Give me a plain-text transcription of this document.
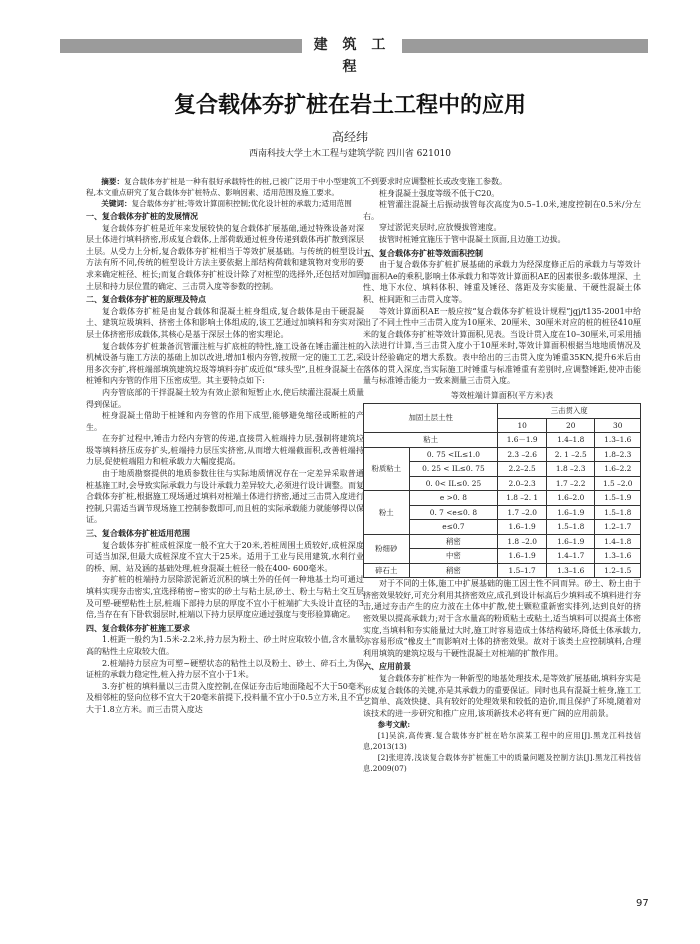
建 筑 工 程
复合载体夯扩桩在岩土工程中的应用
高经纬
西南科技大学土木工程与建筑学院 四川省 621010

摘要：复合载体夯扩桩是一种有很好承载特性的桩,已被广泛用于中小型建筑工程,本文重点研究了复合载体夯扩桩特点、影响因素、适用范围及施工要求。

关键词：复合载体夯扩桩;等效计算面积控制;优化设计桩的承载力;适用范围

一、复合载体夯扩桩的发展情况

复合载体夯扩桩是近年来发展较快的复合载体扩展基础,通过特殊设备对深层土体进行填料挤密,形成复合载体,上部荷载通过桩身传递到载体再扩散到深层土层。从受力上分析,复合载体夯扩桩相当于等效扩展基础。与传统的桩型设计方法有所不同,传统的桩型设计方法主要依据上部结构荷载和建筑物对变形的要求来确定桩径、桩长;而复合载体夯扩桩设计除了对桩型的选择外,还包括对加固土层和持力层位置的确定、三击贯入度等参数的控制。

二、复合载体夯扩桩的原理及特点

复合载体夯扩桩是由复合载体和混凝土桩身组成,复合载体是由干硬混凝土、建筑垃圾填料、挤密土体和影响土体组成的,该工艺通过加填料和夯实对深层土体挤密形成载体,其核心是基于深层土体的密实理论。

复合载体夯扩桩兼备沉管灌注桩与扩底桩的特性,施工设备在锤击灌注桩的机械设备与施工方法的基础上加以改进,增加1根内夯管,按照一定的施工工艺,采用多次夯扩,将桩端部填筑建筑垃圾等填料夯扩成近似“球头型”,且桩身混凝土在桩锤和内夯管的作用下压密成型。其主要特点如下:

内夯管底部的干拌混凝土较为有效止淤和短暂止水,使后续灌注混凝土质量得到保证。

桩身混凝土借助于桩锤和内夯管的作用下成型,能够避免缩径或断桩的产生。

在夯扩过程中,锤击力经内夯管的传递,直接贯入桩端持力层,强制将建筑垃圾等填料挤压成夯扩头,桩端持力层压实挤密,从而增大桩端截面积,改善桩端持力层,促使桩端阻力和桩承载力大幅度提高。

由于地质勘察提供的地质参数往往与实际地质情况存在一定差异采取普通桩基施工时,会导致实际承载力与设计承载力差异较大,必须进行设计调整。而复合载体夯扩桩,根据施工现场通过填料对桩端土体进行挤密,通过三击贯入度进行控制,只需适当调节现场施工控制参数即可,而且桩的实际承载能力就能够得以保证。

三、复合载体夯扩桩适用范围

复合载体夯扩桩成桩深度一般不宜大于20米,若桩周围土质较好,成桩深度可适当加深,但最大成桩深度不宜大于25米。适用于工业与民用建筑,水利行业的桥、闸、站及涵的基础处理,桩身混凝土桩径一般在400- 600毫米。

夯扩桩的桩端持力层除淤泥新近沉积的填土外的任何一种地基土均可通过填料实现夯击密实,宜选择稍密~密实的砂土与粘土层,砂土、粉土与粘土交互层及可塑-硬塑粘性土层,桩端下部持力层的厚度不宜小于桩端扩大头设计直径的3倍,当存在有下卧软弱层时,桩端以下持力层厚度应通过强度与变形验算确定。

四、复合载体夯扩桩施工要求

1.桩距一般约为1.5米-2.2米,持力层为粉土、砂土时应取较小值,含水量较高的粘性土应取较大值。

2.桩端持力层应为可塑~硬塑状态的粘性土以及粉土、砂土、碎石土,为保证桩的承载力稳定性,桩入持力层不宜小于1米。

3.夯扩桩的填料量以三击贯入度控制,在保证夯击后地面隆起不大于50毫米及相邻桩的竖向位移不宜大于20毫米前提下,投料量不宜小于0.5立方米,且不宜大于1.8立方米。而三击贯入度达

不到要求时应调整桩长或改变施工参数。

桩身混凝土强度等级不低于C20。

桩管灌注混凝土后振动拔管每次高度为0.5–1.0米,速度控制在0.5米/分左右。

穿过淤泥夹层时,应放慢拔管速度。

拔管时桩锤宜施压于管中混凝土顶面,且边施工边拔。

五、复合载体夯扩桩等效面积控制

由于复合载体夯扩桩扩展基础的承载力为经深度修正后的承载力与等效计算面积Ae的乘积,影响土体承载力和等效计算面积AE的因素很多:载体埋深、土性、地下水位、填料体积、锤重及锤径、落距及夯实能量、干硬性混凝土体积、桩间距和三击贯入度等。

等效计算面积AE一般应按“复合载体夯扩桩设计规程”jgj/t135-2001中给出了不同土性中三击贯入度为10厘米、20厘米、30厘米对应的桩的桩径410厘米的复合载体夯扩桩等效计算面积,见表。当设计贯入度在10–30厘米,可采用插入法进行计算,当三击贯入度小于10厘米时,等效计算面积根据当地地质情况及设计经验确定的增大系数。表中给出的三击贯入度为锤重35KN,提升6米后由落体的贯入深度,当实际施工时锤重与标准锤重有差别时,应调整锤距,使冲击能量与标准锤击能力一致来测量三击贯入度。

等效桩端计算面积(平方米)表
加固土层土性		三击贯入度		
		10	20	30
粘土		1.6－1.9	1.4–1.8	1.3–1.6
粉质粘土	0. 75 <IL≤1.0	2.3 –2.6	2. 1 –2.5	1.8–2.3
	0. 25 < IL≤0. 75	2.2–2.5	1.8 –2.3	1.6–2.2
	0. 0< IL≤0. 25	2.0–2.3	1.7 –2.2	1.5 –2.0
粉土	e >0. 8	1.8 –2. 1	1.6–2.0	1.5–1.9
	0. 7 <e≤0. 8	1.7 –2.0	1.6–1.9	1.5–1.8
	e≤0.7	1.6–1.9	1.5–1.8	1.2–1.7
粉细砂	稍密	1.8 –2.0	1.6–1.9	1.4–1.8
	中密	1.6–1.9	1.4–1.7	1.3–1.6
碎石土	稍密	1.5–1.7	1.3–1.6	1.2–1.5

对于不同的土体,施工中扩展基础的施工因土性不同而异。砂土、粉土由于挤密效果较好,可充分利用其挤密效应,成孔到设计标高后少填料或不填料进行夯击,通过夯击产生的应力波在土体中扩散,使土颗粒重新密实排列,达到良好的挤密效果以提高承载力;对于含水量高的粉质粘土或粘土,适当填料可以提高土体密实度,当填料和夯实能量过大时,施工时容易造成土体结构破坏,降低土体承载力,亦容易形成“橡皮土”而影响对土体的挤密效果。故对于该类土应控制填料,合理利用填筑的建筑垃圾与干硬性混凝土对桩端的扩散作用。

六、应用前景

复合载体夯扩桩作为一种新型的地基处理技术,是等效扩展基础,填料夯实是形成复合载体的关键,亦是其承载力的重要保证。同时也具有混凝土桩身,施工工艺简单、高效快捷、具有较好的处理效果和较低的造价,而且保护了环境,随着对该技术的进一步研究和推广应用,该项新技术必将有更广阔的应用前景。

参考文献:

[1]吴滨,高传赛.复合载体夯扩桩在哈尔滨某工程中的应用[J].黑龙江科技信息,2013(13)

[2]张迎涛,浅谈复合载体夯扩桩施工中的质量问题及控制方法[J].黑龙江科技信息.2009(07)

97
